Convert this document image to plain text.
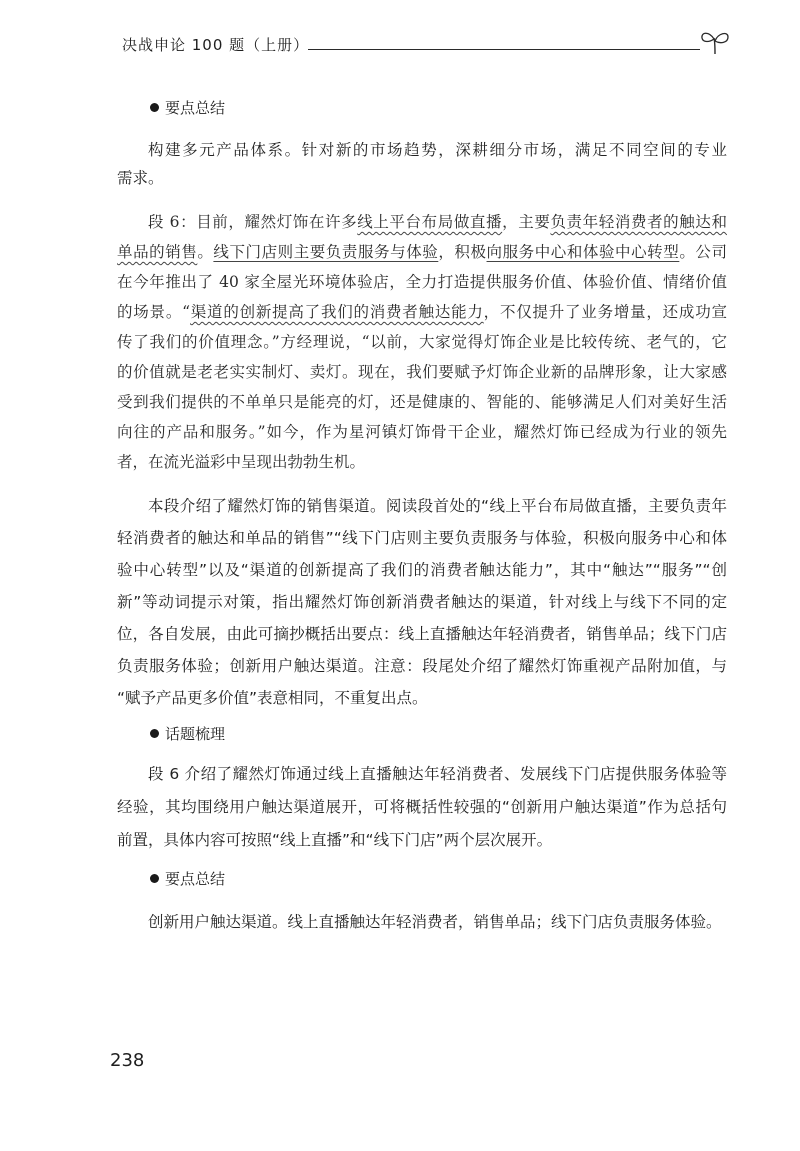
决战申论 100 题（上册）
要点总结
构建多元产品体系。针对新的市场趋势，深耕细分市场，满足不同空间的专业
需求。
段 6：目前，耀然灯饰在许多线上平台布局做直播，主要负责年轻消费者的触达和
单品的销售。线下门店则主要负责服务与体验，积极向服务中心和体验中心转型。公司
在今年推出了 40 家全屋光环境体验店，全力打造提供服务价值、体验价值、情绪价值
的场景。“渠道的创新提高了我们的消费者触达能力，不仅提升了业务增量，还成功宣
传了我们的价值理念。”方经理说，“以前，大家觉得灯饰企业是比较传统、老气的，它
的价值就是老老实实制灯、卖灯。现在，我们要赋予灯饰企业新的品牌形象，让大家感
受到我们提供的不单单只是能亮的灯，还是健康的、智能的、能够满足人们对美好生活
向往的产品和服务。”如今，作为星河镇灯饰骨干企业，耀然灯饰已经成为行业的领先
者，在流光溢彩中呈现出勃勃生机。
本段介绍了耀然灯饰的销售渠道。阅读段首处的“线上平台布局做直播，主要负责年
轻消费者的触达和单品的销售”“线下门店则主要负责服务与体验，积极向服务中心和体
验中心转型”以及“渠道的创新提高了我们的消费者触达能力”，其中“触达”“服务”“创
新”等动词提示对策，指出耀然灯饰创新消费者触达的渠道，针对线上与线下不同的定
位，各自发展，由此可摘抄概括出要点：线上直播触达年轻消费者，销售单品；线下门店
负责服务体验；创新用户触达渠道。注意：段尾处介绍了耀然灯饰重视产品附加值，与
“赋予产品更多价值”表意相同，不重复出点。
话题梳理
段 6 介绍了耀然灯饰通过线上直播触达年轻消费者、发展线下门店提供服务体验等
经验，其均围绕用户触达渠道展开，可将概括性较强的“创新用户触达渠道”作为总括句
前置，具体内容可按照“线上直播”和“线下门店”两个层次展开。
要点总结
创新用户触达渠道。线上直播触达年轻消费者，销售单品；线下门店负责服务体验。
238
